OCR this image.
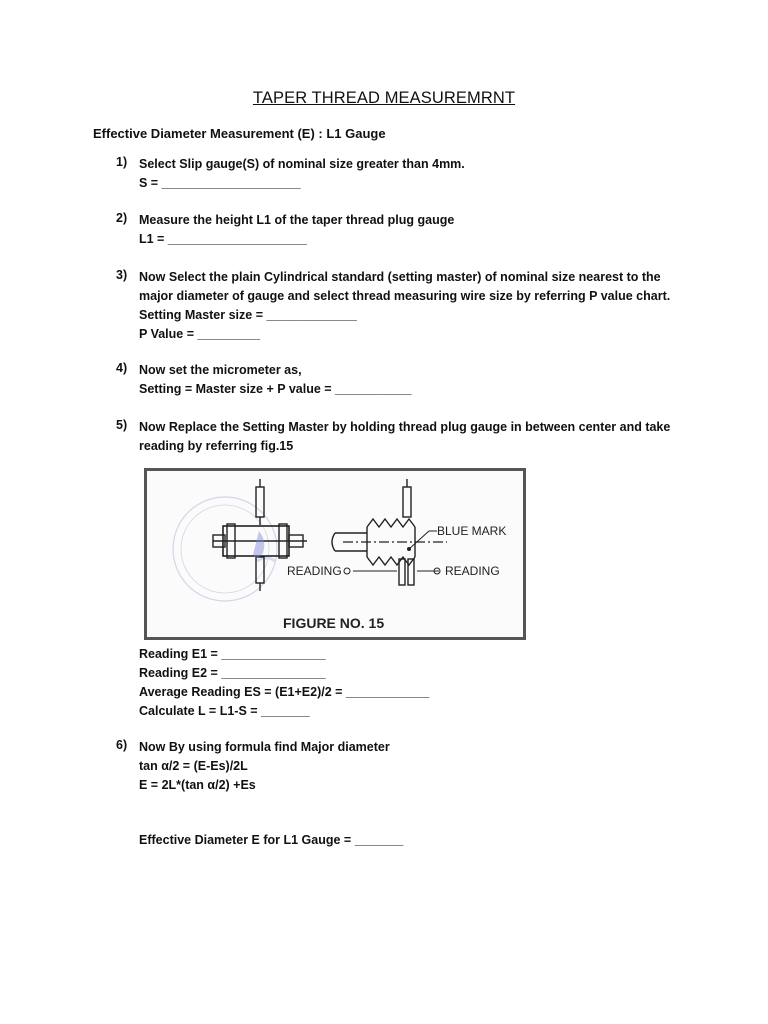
TAPER THREAD MEASUREMRNT
Effective Diameter Measurement (E) : L1 Gauge
1) Select Slip gauge(S) of nominal size greater than 4mm.
S = ____________________
2) Measure the height L1 of the taper thread plug gauge
L1 = ____________________
3) Now Select the plain Cylindrical standard (setting master) of nominal size nearest to the
major diameter of gauge and select thread measuring wire size by referring P value chart.
Setting Master size = _____________
P Value = _________
4) Now set the micrometer as,
Setting = Master size + P value = ___________
5) Now Replace the Setting Master by holding thread plug gauge in between center and take
reading by referring fig.15
BLUE MARK
READING	READING
FIGURE NO. 15
Reading E1 = _______________
Reading E2 = _______________
Average Reading ES = (E1+E2)/2 = ____________
Calculate L = L1-S = _______
6) Now By using formula find Major diameter
tan α/2 = (E-Es)/2L
E = 2L*(tan α/2) +Es
Effective Diameter E for L1 Gauge = _______
